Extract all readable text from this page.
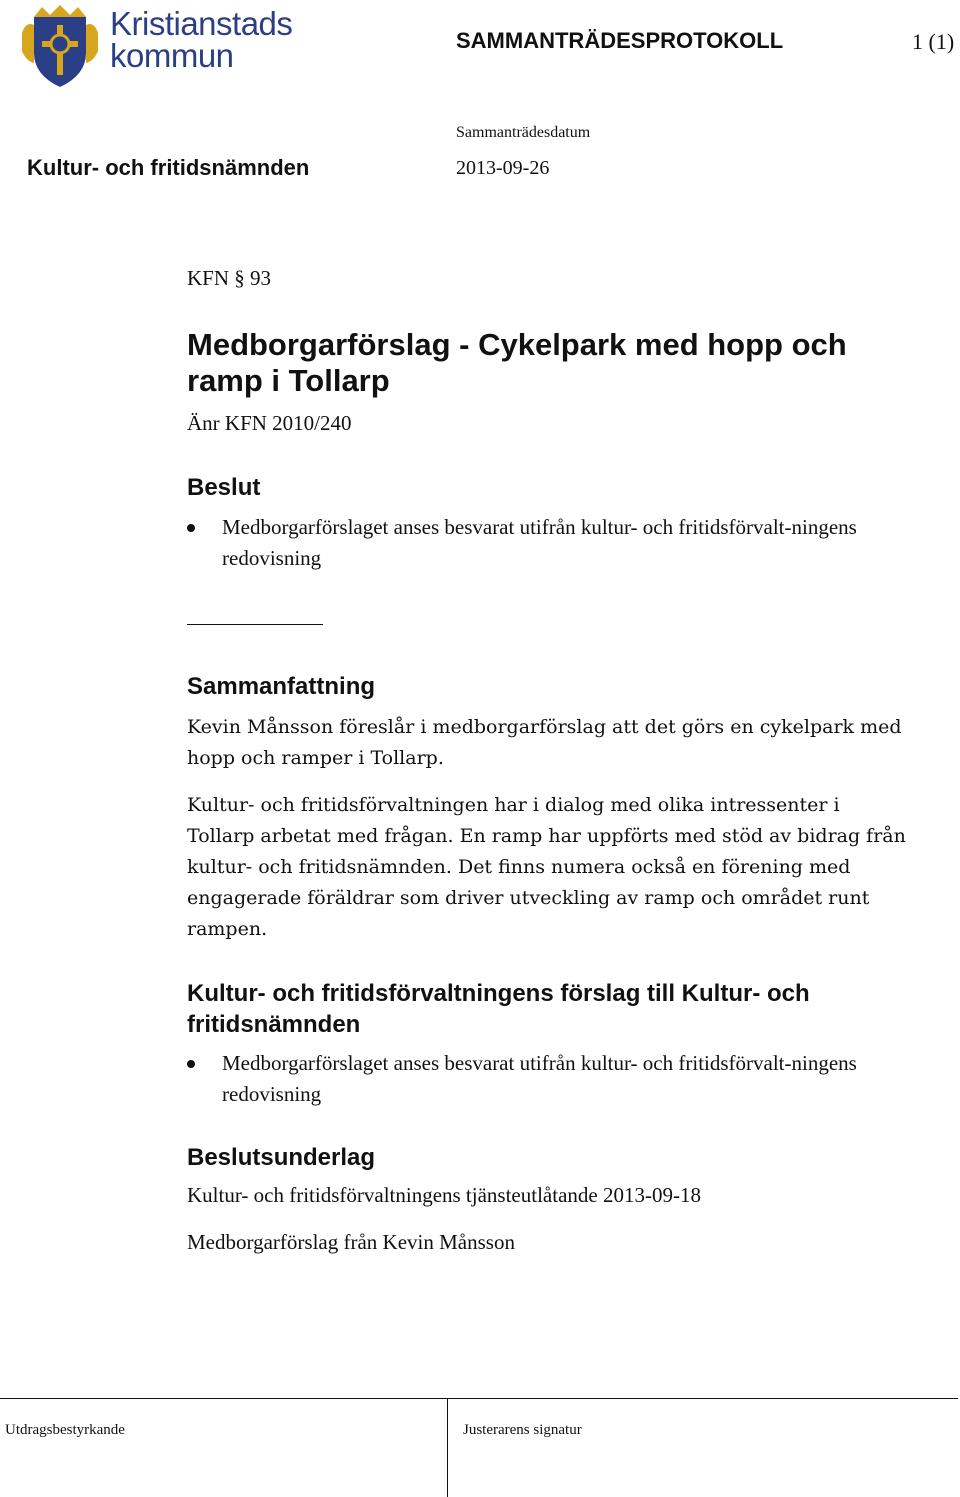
Kristianstads
kommun	SAMMANTRÄDESPROTOKOLL	1 (1)
Sammanträdesdatum
Kultur- och fritidsnämnden	2013-09-26
KFN § 93
Medborgarförslag - Cykelpark med hopp och ramp i Tollarp
Änr KFN 2010/240
Beslut
Medborgarförslaget anses besvarat utifrån kultur- och fritidsförvalt-ningens redovisning
Sammanfattning
Kevin Månsson föreslår i medborgarförslag att det görs en cykelpark med hopp och ramper i Tollarp.
Kultur- och fritidsförvaltningen har i dialog med olika intressenter i Tollarp arbetat med frågan. En ramp har uppförts med stöd av bidrag från kultur- och fritidsnämnden. Det finns numera också en förening med engagerade föräldrar som driver utveckling av ramp och området runt rampen.
Kultur- och fritidsförvaltningens förslag till Kultur- och fritidsnämnden
Medborgarförslaget anses besvarat utifrån kultur- och fritidsförvalt-ningens redovisning
Beslutsunderlag
Kultur- och fritidsförvaltningens tjänsteutlåtande 2013-09-18
Medborgarförslag från Kevin Månsson
Utdragsbestyrkande	Justerarens signatur
